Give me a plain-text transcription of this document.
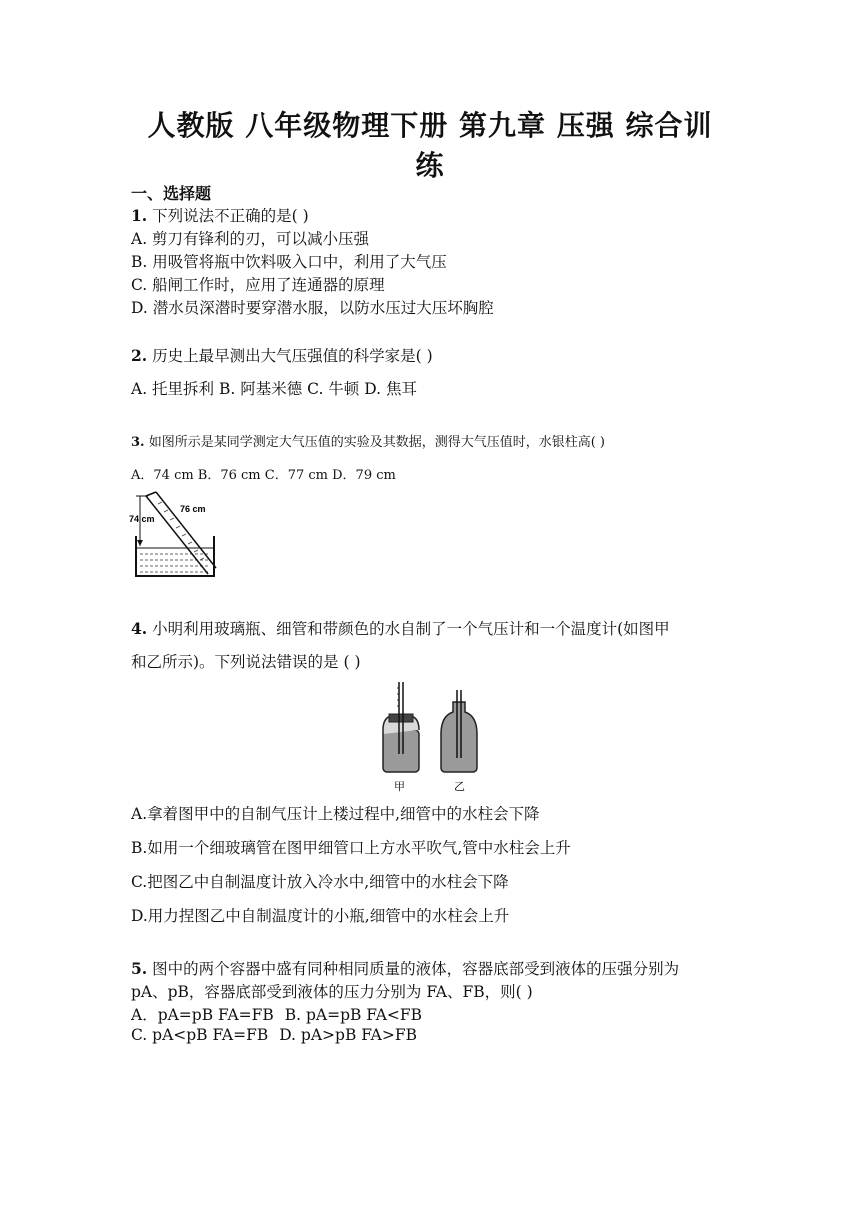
人教版 八年级物理下册 第九章 压强 综合训
练
一、选择题
1. 下列说法不正确的是( )
A. 剪刀有锋利的刃，可以减小压强
B. 用吸管将瓶中饮料吸入口中，利用了大气压
C. 船闸工作时，应用了连通器的原理
D. 潜水员深潜时要穿潜水服，以防水压过大压坏胸腔
2. 历史上最早测出大气压强值的科学家是( )
A. 托里拆利 B. 阿基米德 C. 牛顿 D. 焦耳
3. 如图所示是某同学测定大气压值的实验及其数据，测得大气压值时，水银柱高( )
A．74 cm B．76 cm C．77 cm D．79 cm
74 cm
76 cm
4. 小明利用玻璃瓶、细管和带颜色的水自制了一个气压计和一个温度计(如图甲
和乙所示)。下列说法错误的是 ( )
甲	乙
A.拿着图甲中的自制气压计上楼过程中,细管中的水柱会下降
B.如用一个细玻璃管在图甲细管口上方水平吹气,管中水柱会上升
C.把图乙中自制温度计放入冷水中,细管中的水柱会下降
D.用力捏图乙中自制温度计的小瓶,细管中的水柱会上升
5. 图中的两个容器中盛有同种相同质量的液体，容器底部受到液体的压强分别为
pA、pB，容器底部受到液体的压力分别为 FA、FB，则( )
A．pA=pB FA=FB B. pA=pB FA<FB
C. pA<pB FA=FB D. pA>pB FA>FB
